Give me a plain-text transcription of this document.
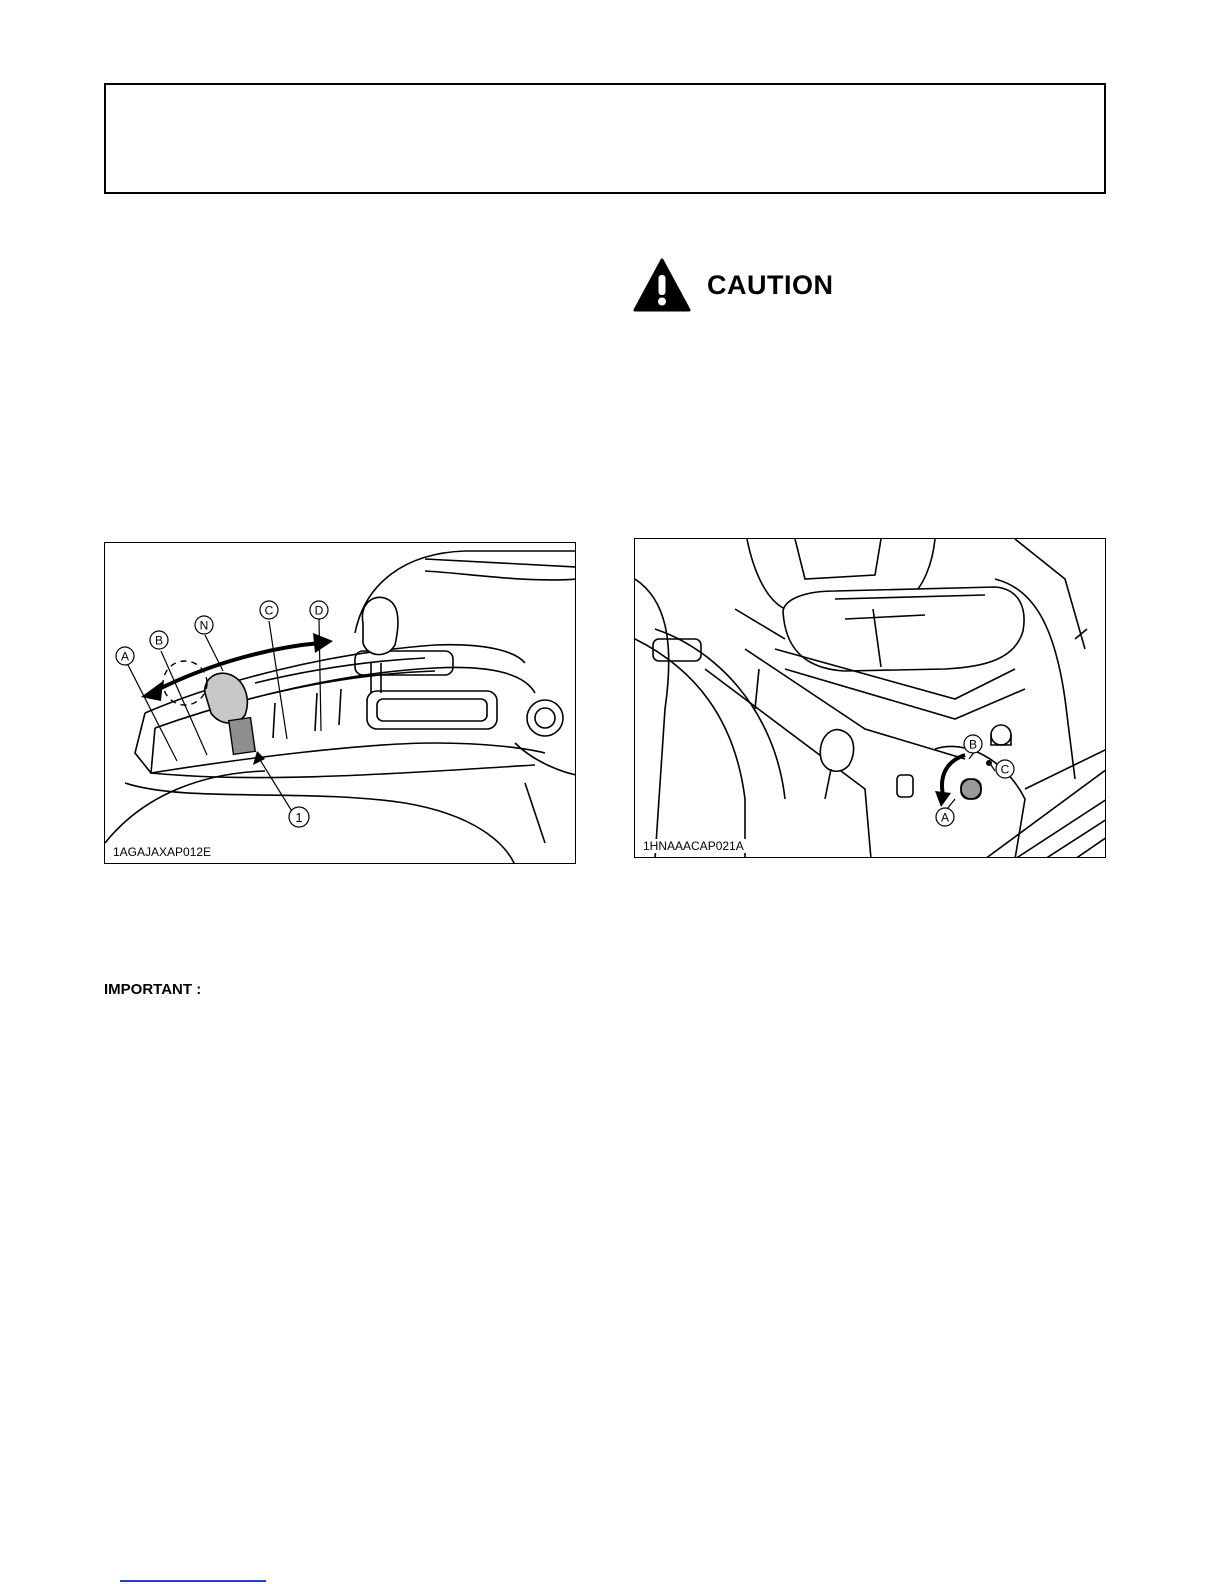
CAUTION
A
B
N
C	D
1
1AGAJAXAP012E
B
C
A
1HNAAACAP021A
IMPORTANT :
